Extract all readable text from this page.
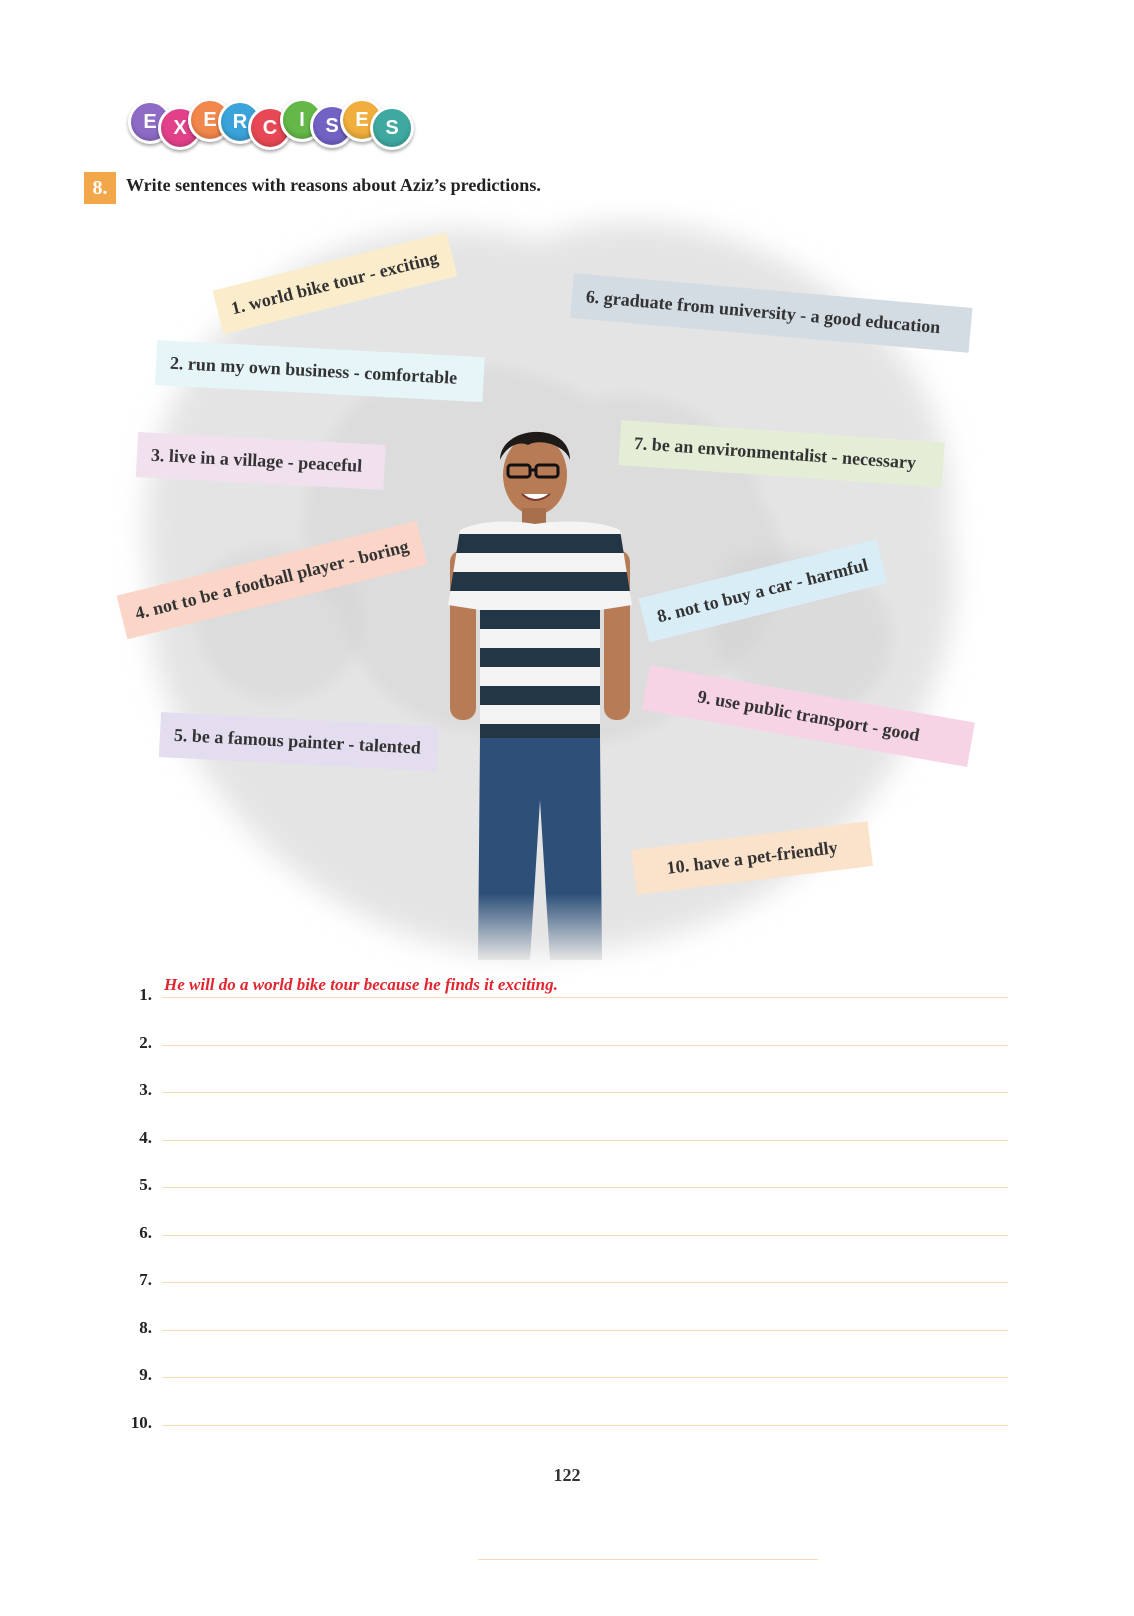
E X E R C	I	S E S
8.	Write sentences with reasons about Aziz’s predictions.
1. world bike tour - exciting
2. run my own business - comfortable
3. live in a village - peaceful
4. not to be a football player - boring
5. be a famous painter - talented
6. graduate from university - a good education
7. be an environmentalist - necessary
8. not to buy a car - harmful
9. use public transport - good
10. have a pet-friendly
1.
He will do a world bike tour because he finds it exciting.
2.
3.
4.
5.
6.
7.
8.
9.
10.
122
